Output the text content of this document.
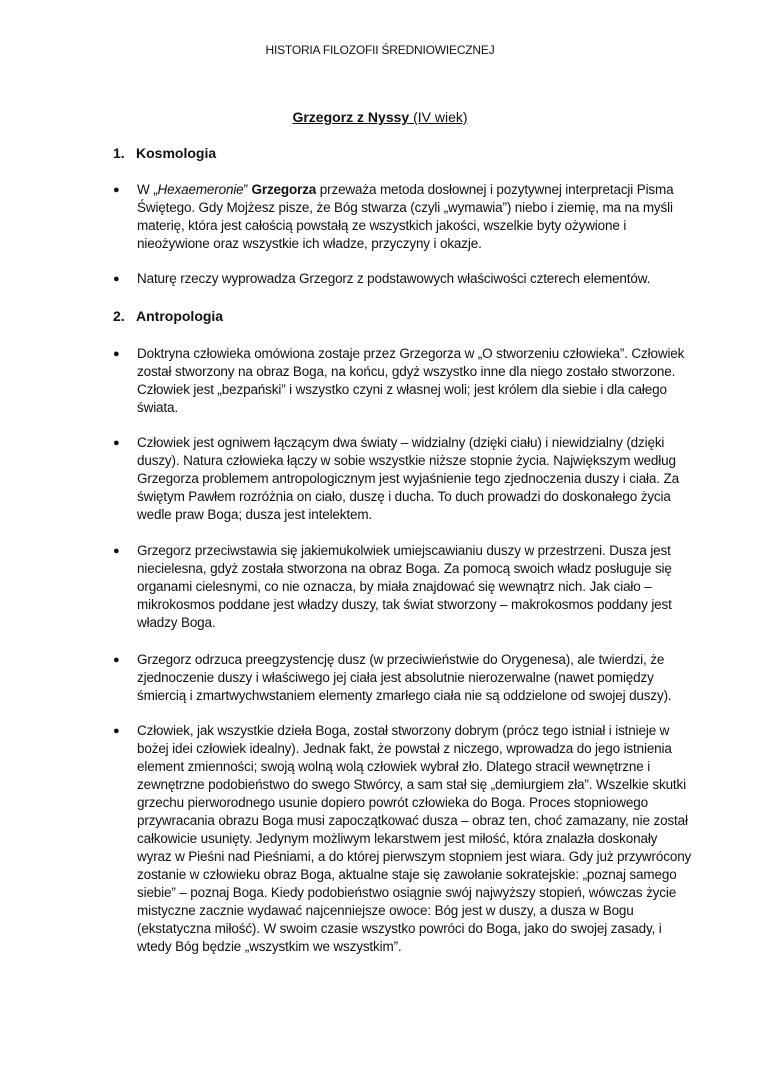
HISTORIA FILOZOFII ŚREDNIOWIECZNEJ
Grzegorz z Nyssy (IV wiek)
1. Kosmologia
● W „Hexaemeronie” Grzegorza przeważa metoda dosłownej i pozytywnej interpretacji Pisma
Świętego. Gdy Mojżesz pisze, że Bóg stwarza (czyli „wymawia”) niebo i ziemię, ma na myśli
materię, która jest całością powstałą ze wszystkich jakości, wszelkie byty ożywione i
nieożywione oraz wszystkie ich władze, przyczyny i okazje.
● Naturę rzeczy wyprowadza Grzegorz z podstawowych właściwości czterech elementów.
2. Antropologia
● Doktryna człowieka omówiona zostaje przez Grzegorza w „O stworzeniu człowieka”. Człowiek
został stworzony na obraz Boga, na końcu, gdyż wszystko inne dla niego zostało stworzone.
Człowiek jest „bezpański” i wszystko czyni z własnej woli; jest królem dla siebie i dla całego
świata.
● Człowiek jest ogniwem łączącym dwa światy – widzialny (dzięki ciału) i niewidzialny (dzięki
duszy). Natura człowieka łączy w sobie wszystkie niższe stopnie życia. Największym według
Grzegorza problemem antropologicznym jest wyjaśnienie tego zjednoczenia duszy i ciała. Za
świętym Pawłem rozróżnia on ciało, duszę i ducha. To duch prowadzi do doskonałego życia
wedle praw Boga; dusza jest intelektem.
● Grzegorz przeciwstawia się jakiemukolwiek umiejscawianiu duszy w przestrzeni. Dusza jest
niecielesna, gdyż została stworzona na obraz Boga. Za pomocą swoich władz posługuje się
organami cielesnymi, co nie oznacza, by miała znajdować się wewnątrz nich. Jak ciało –
mikrokosmos poddane jest władzy duszy, tak świat stworzony – makrokosmos poddany jest
władzy Boga.
● Grzegorz odrzuca preegzystencję dusz (w przeciwieństwie do Orygenesa), ale twierdzi, że
zjednoczenie duszy i właściwego jej ciała jest absolutnie nierozerwalne (nawet pomiędzy
śmiercią i zmartwychwstaniem elementy zmarłego ciała nie są oddzielone od swojej duszy).
● Człowiek, jak wszystkie dzieła Boga, został stworzony dobrym (prócz tego istniał i istnieje w
bożej idei człowiek idealny). Jednak fakt, że powstał z niczego, wprowadza do jego istnienia
element zmienności; swoją wolną wolą człowiek wybrał zło. Dlatego stracił wewnętrzne i
zewnętrzne podobieństwo do swego Stwórcy, a sam stał się „demiurgiem zła”. Wszelkie skutki
grzechu pierworodnego usunie dopiero powrót człowieka do Boga. Proces stopniowego
przywracania obrazu Boga musi zapoczątkować dusza – obraz ten, choć zamazany, nie został
całkowicie usunięty. Jedynym możliwym lekarstwem jest miłość, która znalazła doskonały
wyraz w Pieśni nad Pieśniami, a do której pierwszym stopniem jest wiara. Gdy już przywrócony
zostanie w człowieku obraz Boga, aktualne staje się zawołanie sokratejskie: „poznaj samego
siebie” – poznaj Boga. Kiedy podobieństwo osiągnie swój najwyższy stopień, wówczas życie
mistyczne zacznie wydawać najcenniejsze owoce: Bóg jest w duszy, a dusza w Bogu
(ekstatyczna miłość). W swoim czasie wszystko powróci do Boga, jako do swojej zasady, i
wtedy Bóg będzie „wszystkim we wszystkim”.
